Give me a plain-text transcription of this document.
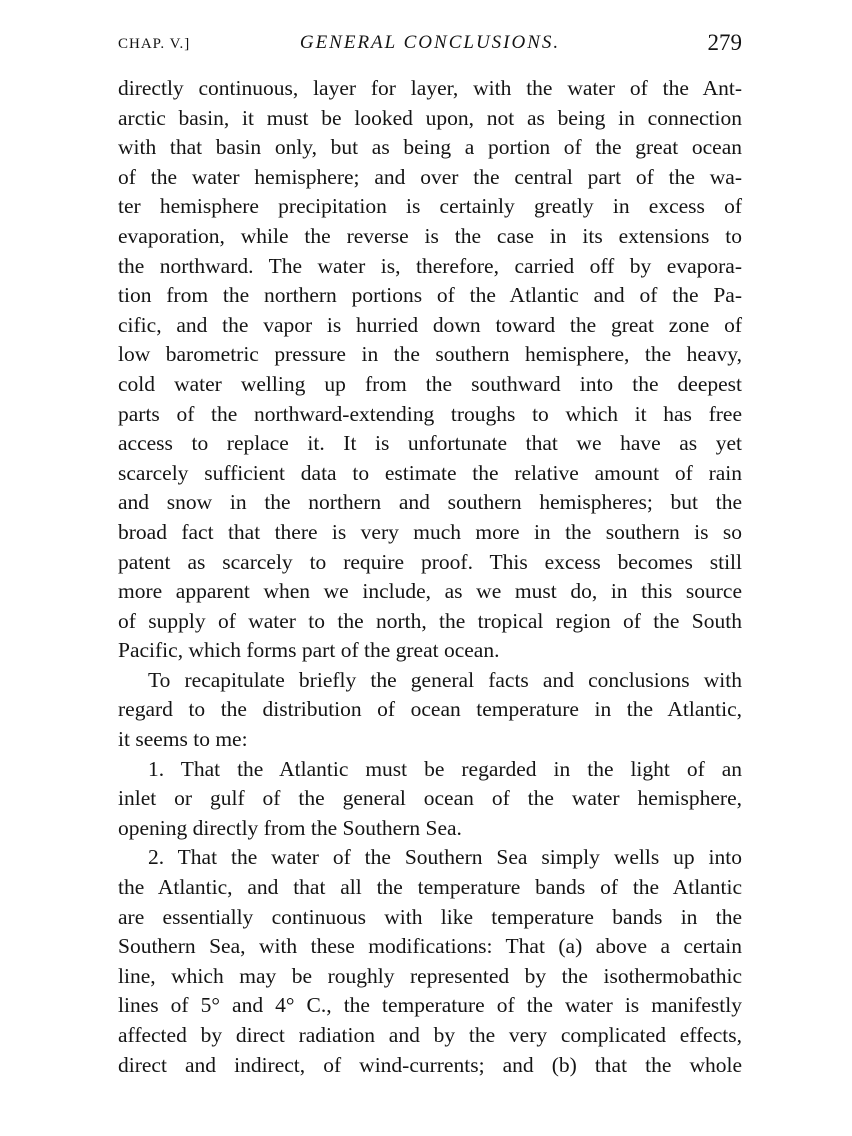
CHAP. V.]	GENERAL CONCLUSIONS.	279
directly continuous, layer for layer, with the water of the Ant-
arctic basin, it must be looked upon, not as being in connection
with that basin only, but as being a portion of the great ocean
of the water hemisphere; and over the central part of the wa-
ter hemisphere precipitation is certainly greatly in excess of
evaporation, while the reverse is the case in its extensions to
the northward. The water is, therefore, carried off by evapora-
tion from the northern portions of the Atlantic and of the Pa-
cific, and the vapor is hurried down toward the great zone of
low barometric pressure in the southern hemisphere, the heavy,
cold water welling up from the southward into the deepest
parts of the northward-extending troughs to which it has free
access to replace it. It is unfortunate that we have as yet
scarcely sufficient data to estimate the relative amount of rain
and snow in the northern and southern hemispheres; but the
broad fact that there is very much more in the southern is so
patent as scarcely to require proof. This excess becomes still
more apparent when we include, as we must do, in this source
of supply of water to the north, the tropical region of the South
Pacific, which forms part of the great ocean.
To recapitulate briefly the general facts and conclusions with
regard to the distribution of ocean temperature in the Atlantic,
it seems to me:
1. That the Atlantic must be regarded in the light of an
inlet or gulf of the general ocean of the water hemisphere,
opening directly from the Southern Sea.
2. That the water of the Southern Sea simply wells up into
the Atlantic, and that all the temperature bands of the Atlantic
are essentially continuous with like temperature bands in the
Southern Sea, with these modifications: That (a) above a certain
line, which may be roughly represented by the isothermobathic
lines of 5° and 4° C., the temperature of the water is manifestly
affected by direct radiation and by the very complicated effects,
direct and indirect, of wind-currents; and (b) that the whole
